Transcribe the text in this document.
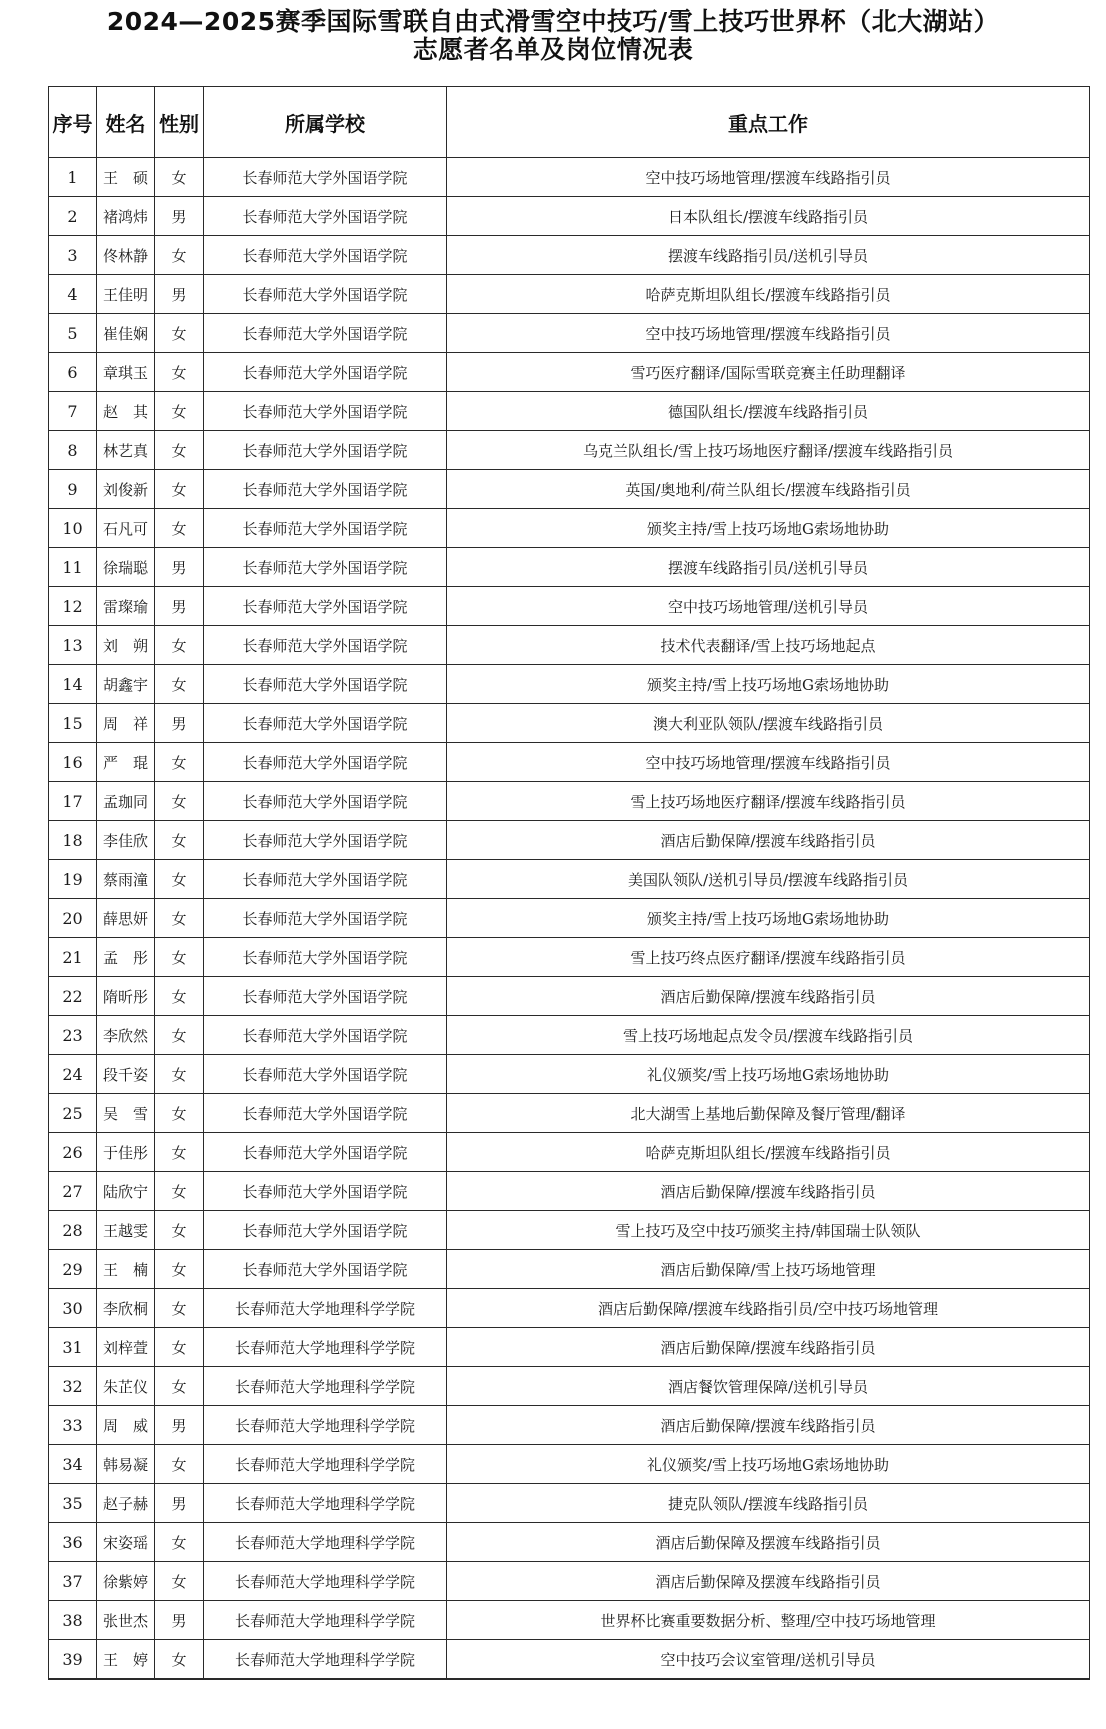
2024—2025赛季国际雪联自由式滑雪空中技巧/雪上技巧世界杯（北大湖站）
志愿者名单及岗位情况表
序号	姓名	性别	所属学校	重点工作
1	王　硕	女	长春师范大学外国语学院	空中技巧场地管理/摆渡车线路指引员
2	褚鸿炜	男	长春师范大学外国语学院	日本队组长/摆渡车线路指引员
3	佟林静	女	长春师范大学外国语学院	摆渡车线路指引员/送机引导员
4	王佳明	男	长春师范大学外国语学院	哈萨克斯坦队组长/摆渡车线路指引员
5	崔佳娴	女	长春师范大学外国语学院	空中技巧场地管理/摆渡车线路指引员
6	章琪玉	女	长春师范大学外国语学院	雪巧医疗翻译/国际雪联竞赛主任助理翻译
7	赵　其	女	长春师范大学外国语学院	德国队组长/摆渡车线路指引员
8	林艺真	女	长春师范大学外国语学院	乌克兰队组长/雪上技巧场地医疗翻译/摆渡车线路指引员
9	刘俊新	女	长春师范大学外国语学院	英国/奥地利/荷兰队组长/摆渡车线路指引员
10	石凡可	女	长春师范大学外国语学院	颁奖主持/雪上技巧场地G索场地协助
11	徐瑞聪	男	长春师范大学外国语学院	摆渡车线路指引员/送机引导员
12	雷璨瑜	男	长春师范大学外国语学院	空中技巧场地管理/送机引导员
13	刘　朔	女	长春师范大学外国语学院	技术代表翻译/雪上技巧场地起点
14	胡鑫宇	女	长春师范大学外国语学院	颁奖主持/雪上技巧场地G索场地协助
15	周　祥	男	长春师范大学外国语学院	澳大利亚队领队/摆渡车线路指引员
16	严　琨	女	长春师范大学外国语学院	空中技巧场地管理/摆渡车线路指引员
17	孟珈同	女	长春师范大学外国语学院	雪上技巧场地医疗翻译/摆渡车线路指引员
18	李佳欣	女	长春师范大学外国语学院	酒店后勤保障/摆渡车线路指引员
19	蔡雨潼	女	长春师范大学外国语学院	美国队领队/送机引导员/摆渡车线路指引员
20	薛思妍	女	长春师范大学外国语学院	颁奖主持/雪上技巧场地G索场地协助
21	孟　彤	女	长春师范大学外国语学院	雪上技巧终点医疗翻译/摆渡车线路指引员
22	隋昕彤	女	长春师范大学外国语学院	酒店后勤保障/摆渡车线路指引员
23	李欣然	女	长春师范大学外国语学院	雪上技巧场地起点发令员/摆渡车线路指引员
24	段千姿	女	长春师范大学外国语学院	礼仪颁奖/雪上技巧场地G索场地协助
25	吴　雪	女	长春师范大学外国语学院	北大湖雪上基地后勤保障及餐厅管理/翻译
26	于佳彤	女	长春师范大学外国语学院	哈萨克斯坦队组长/摆渡车线路指引员
27	陆欣宁	女	长春师范大学外国语学院	酒店后勤保障/摆渡车线路指引员
28	王越雯	女	长春师范大学外国语学院	雪上技巧及空中技巧颁奖主持/韩国瑞士队领队
29	王　楠	女	长春师范大学外国语学院	酒店后勤保障/雪上技巧场地管理
30	李欣桐	女	长春师范大学地理科学学院	酒店后勤保障/摆渡车线路指引员/空中技巧场地管理
31	刘梓萱	女	长春师范大学地理科学学院	酒店后勤保障/摆渡车线路指引员
32	朱芷仪	女	长春师范大学地理科学学院	酒店餐饮管理保障/送机引导员
33	周　威	男	长春师范大学地理科学学院	酒店后勤保障/摆渡车线路指引员
34	韩易凝	女	长春师范大学地理科学学院	礼仪颁奖/雪上技巧场地G索场地协助
35	赵子赫	男	长春师范大学地理科学学院	捷克队领队/摆渡车线路指引员
36	宋姿瑶	女	长春师范大学地理科学学院	酒店后勤保障及摆渡车线路指引员
37	徐紫婷	女	长春师范大学地理科学学院	酒店后勤保障及摆渡车线路指引员
38	张世杰	男	长春师范大学地理科学学院	世界杯比赛重要数据分析、整理/空中技巧场地管理
39	王　婷	女	长春师范大学地理科学学院	空中技巧会议室管理/送机引导员
